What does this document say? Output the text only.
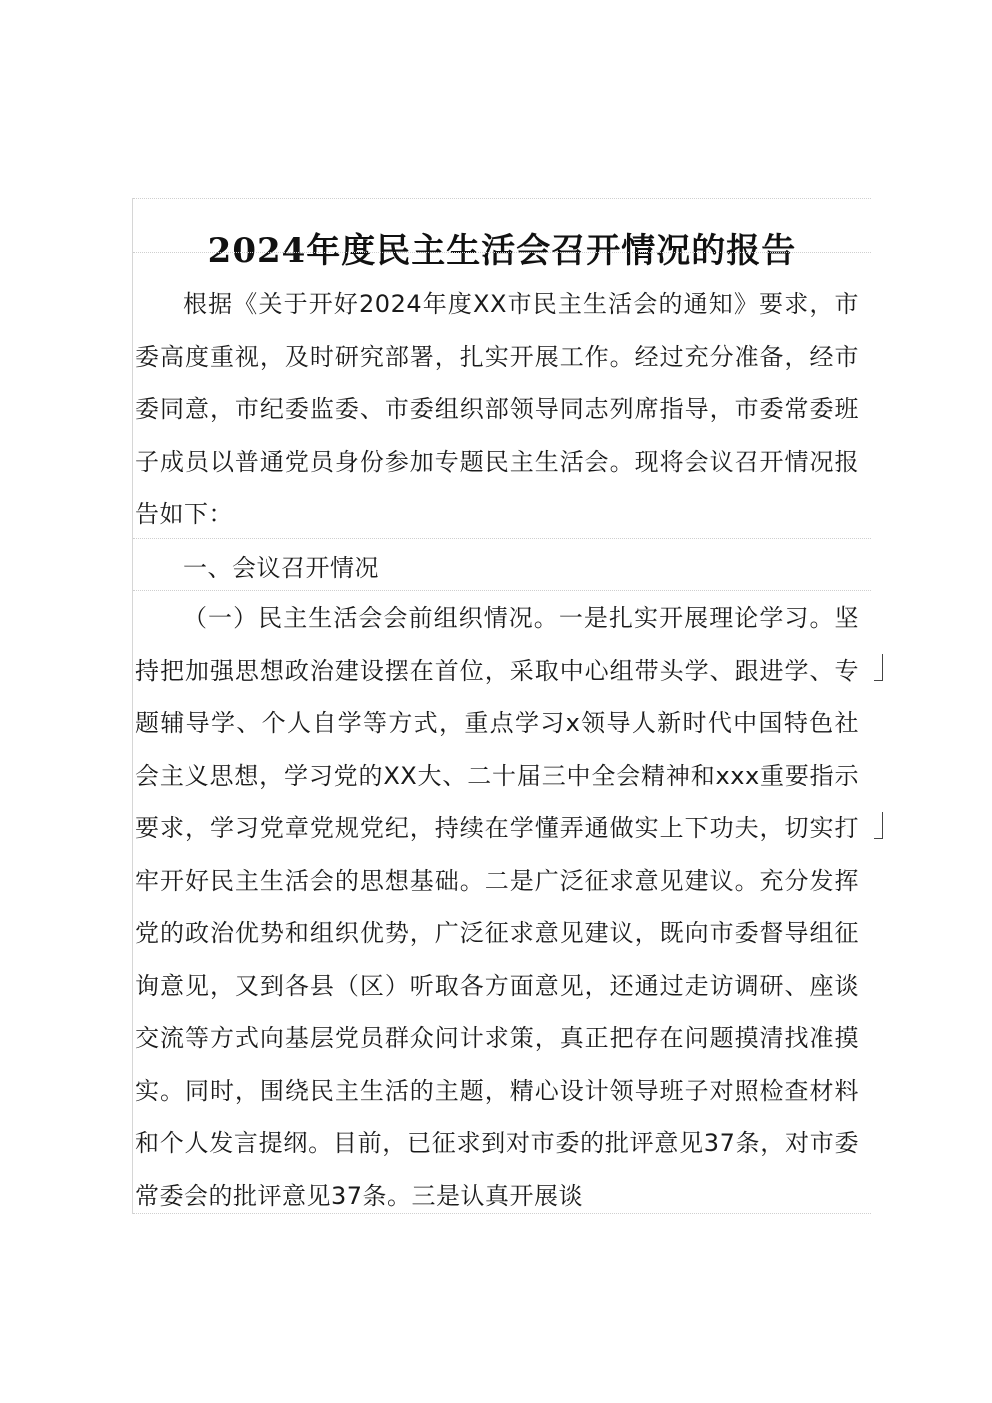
2024年度民主生活会召开情况的报告

根据《关于开好2024年度XX市民主生活会的通知》要求，市委高度重视，及时研究部署，扎实开展工作。经过充分准备，经市委同意，市纪委监委、市委组织部领导同志列席指导，市委常委班子成员以普通党员身份参加专题民主生活会。现将会议召开情况报告如下：

一、会议召开情况

（一）民主生活会会前组织情况。一是扎实开展理论学习。坚持把加强思想政治建设摆在首位，采取中心组带头学、跟进学、专题辅导学、个人自学等方式，重点学习x领导人新时代中国特色社会主义思想，学习党的XX大、二十届三中全会精神和xxx重要指示要求，学习党章党规党纪，持续在学懂弄通做实上下功夫，切实打牢开好民主生活会的思想基础。二是广泛征求意见建议。充分发挥党的政治优势和组织优势，广泛征求意见建议，既向市委督导组征询意见，又到各县（区）听取各方面意见，还通过走访调研、座谈交流等方式向基层党员群众问计求策，真正把存在问题摸清找准摸实。同时，围绕民主生活的主题，精心设计领导班子对照检查材料和个人发言提纲。目前，已征求到对市委的批评意见37条，对市委常委会的批评意见37条。三是认真开展谈
